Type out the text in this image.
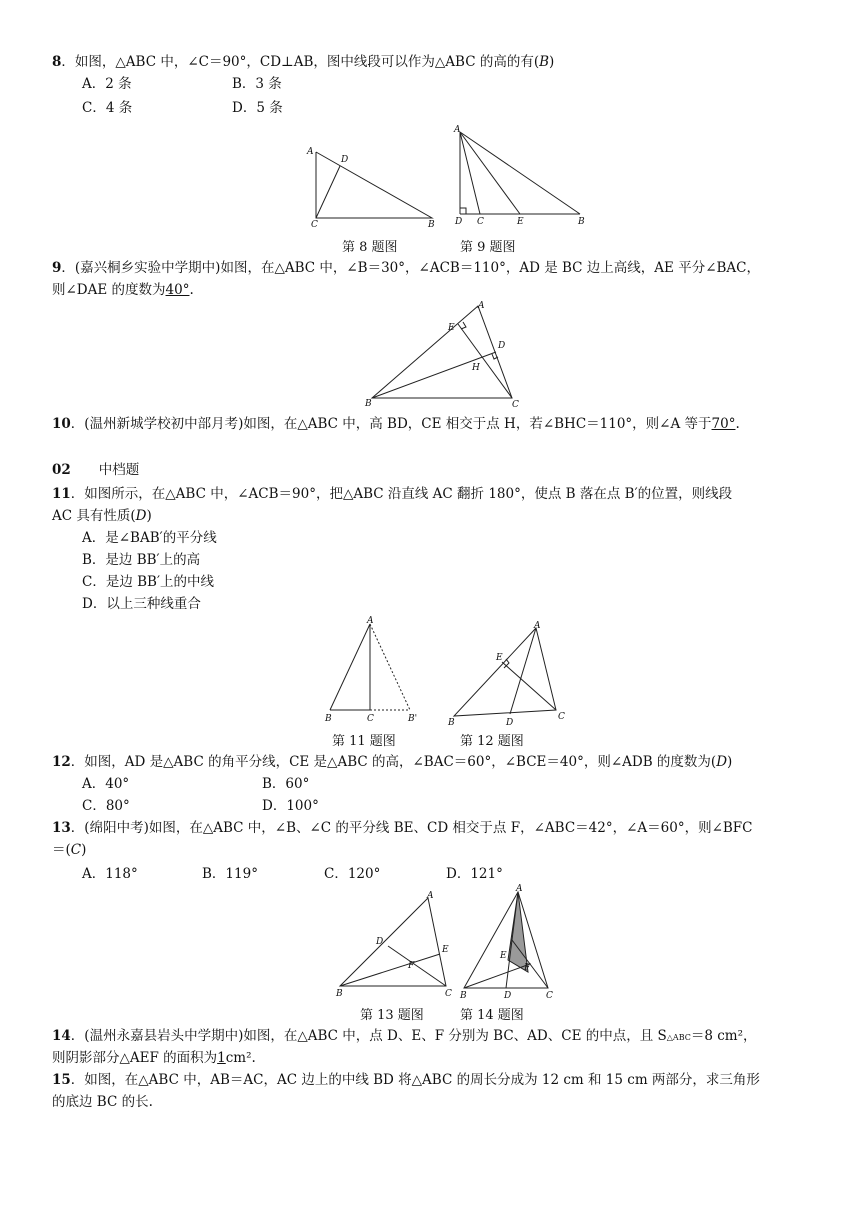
8．如图，△ABC 中，∠C＝90°，CD⊥AB，图中线段可以作为△ABC 的高的有(B)
A．2 条	B．3 条
C．4 条	D．5 条
A
D
C	B
A
D C	E	B
第 8 题图	第 9 题图
9．(嘉兴桐乡实验中学期中)如图，在△ABC 中，∠B＝30°，∠ACB＝110°，AD 是 BC 边上高线，AE 平分∠BAC，
则∠DAE 的度数为40°.
A
E
D
H
B	C
10．(温州新城学校初中部月考)如图，在△ABC 中，高 BD，CE 相交于点 H，若∠BHC＝110°，则∠A 等于70°.
02 中档题
11．如图所示，在△ABC 中，∠ACB＝90°，把△ABC 沿直线 AC 翻折 180°，使点 B 落在点 B′的位置，则线段
AC 具有性质(D)
A．是∠BAB′的平分线
B．是边 BB′上的高
C．是边 BB′上的中线
D．以上三种线重合
A
B	C	B'
A
E
B	D
C
第 11 题图	第 12 题图
12．如图，AD 是△ABC 的角平分线，CE 是△ABC 的高，∠BAC＝60°，∠BCE＝40°，则∠ADB 的度数为(D)
A．40°	B．60°
C．80°	D．100°
13．(绵阳中考)如图，在△ABC 中，∠B、∠C 的平分线 BE、CD 相交于点 F，∠ABC＝42°，∠A＝60°，则∠BFC
＝(C)
A．118°	B．119°	C．120°	D．121°
A
D
E
F
B	C
A
E
F
B	D	C
第 13 题图	第 14 题图
14．(温州永嘉县岩头中学期中)如图，在△ABC 中，点 D、E、F 分别为 BC、AD、CE 的中点，且 S△ABC＝8 cm²，
则阴影部分△AEF 的面积为1cm².
15．如图，在△ABC 中，AB＝AC，AC 边上的中线 BD 将△ABC 的周长分成为 12 cm 和 15 cm 两部分，求三角形
的底边 BC 的长.
